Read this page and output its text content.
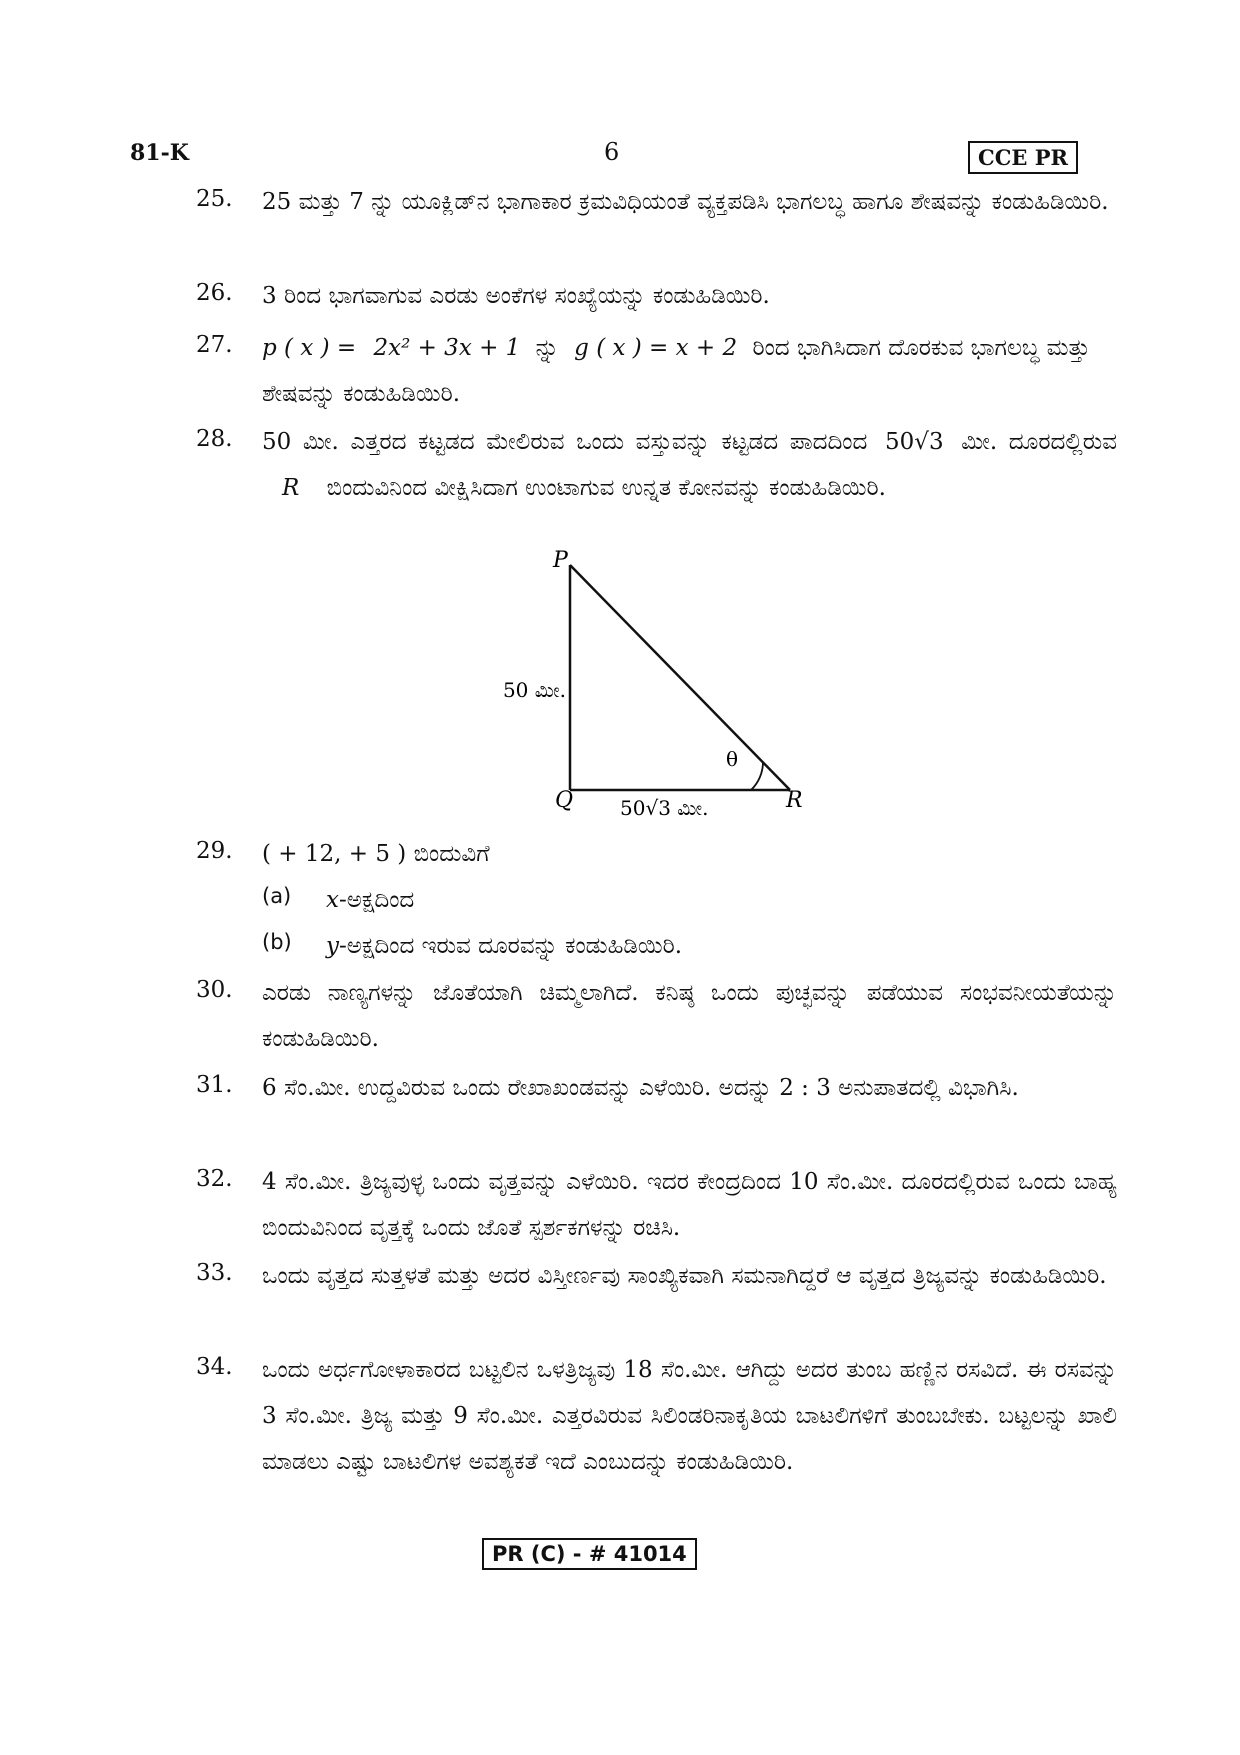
81-K	6	CCE PR
25. 25 ಮತ್ತು 7 ನ್ನು ಯೂಕ್ಲಿಡ್‌ನ ಭಾಗಾಕಾರ ಕ್ರಮವಿಧಿಯಂತೆ ವ್ಯಕ್ತಪಡಿಸಿ ಭಾಗಲಬ್ಧ ಹಾಗೂ ಶೇಷವನ್ನು ಕಂಡುಹಿಡಿಯಿರಿ.
26. 3 ರಿಂದ ಭಾಗವಾಗುವ ಎರಡು ಅಂಕೆಗಳ ಸಂಖ್ಯೆಯನ್ನು ಕಂಡುಹಿಡಿಯಿರಿ.
27. p ( x ) = 2x² + 3x + 1 ನ್ನು g ( x ) = x + 2 ರಿಂದ ಭಾಗಿಸಿದಾಗ ದೊರಕುವ ಭಾಗಲಬ್ಧ ಮತ್ತು ಶೇಷವನ್ನು ಕಂಡುಹಿಡಿಯಿರಿ.
28. 50 ಮೀ. ಎತ್ತರದ ಕಟ್ಟಡದ ಮೇಲಿರುವ ಒಂದು ವಸ್ತುವನ್ನು ಕಟ್ಟಡದ ಪಾದದಿಂದ 50√3 ಮೀ. ದೂರದಲ್ಲಿರುವ R ಬಿಂದುವಿನಿಂದ ವೀಕ್ಷಿಸಿದಾಗ ಉಂಟಾಗುವ ಉನ್ನತ ಕೋನವನ್ನು ಕಂಡುಹಿಡಿಯಿರಿ.
P
Q	R
50 ಮೀ.
50√3 ಮೀ.
θ
29. ( + 12, + 5 ) ಬಿಂದುವಿಗೆ
(a) x-ಅಕ್ಷದಿಂದ
(b) y-ಅಕ್ಷದಿಂದ ಇರುವ ದೂರವನ್ನು ಕಂಡುಹಿಡಿಯಿರಿ.
30. ಎರಡು ನಾಣ್ಯಗಳನ್ನು ಜೊತೆಯಾಗಿ ಚಿಮ್ಮಲಾಗಿದೆ. ಕನಿಷ್ಠ ಒಂದು ಪುಚ್ಛವನ್ನು ಪಡೆಯುವ ಸಂಭವನೀಯತೆಯನ್ನು ಕಂಡುಹಿಡಿಯಿರಿ.
31. 6 ಸೆಂ.ಮೀ. ಉದ್ದವಿರುವ ಒಂದು ರೇಖಾಖಂಡವನ್ನು ಎಳೆಯಿರಿ. ಅದನ್ನು 2 : 3 ಅನುಪಾತದಲ್ಲಿ ವಿಭಾಗಿಸಿ.
32. 4 ಸೆಂ.ಮೀ. ತ್ರಿಜ್ಯವುಳ್ಳ ಒಂದು ವೃತ್ತವನ್ನು ಎಳೆಯಿರಿ. ಇದರ ಕೇಂದ್ರದಿಂದ 10 ಸೆಂ.ಮೀ. ದೂರದಲ್ಲಿರುವ ಒಂದು ಬಾಹ್ಯ ಬಿಂದುವಿನಿಂದ ವೃತ್ತಕ್ಕೆ ಒಂದು ಜೊತೆ ಸ್ಪರ್ಶಕಗಳನ್ನು ರಚಿಸಿ.
33. ಒಂದು ವೃತ್ತದ ಸುತ್ತಳತೆ ಮತ್ತು ಅದರ ವಿಸ್ತೀರ್ಣವು ಸಾಂಖ್ಯಿಕವಾಗಿ ಸಮನಾಗಿದ್ದರೆ ಆ ವೃತ್ತದ ತ್ರಿಜ್ಯವನ್ನು ಕಂಡುಹಿಡಿಯಿರಿ.
34. ಒಂದು ಅರ್ಧಗೋಳಾಕಾರದ ಬಟ್ಟಲಿನ ಒಳತ್ರಿಜ್ಯವು 18 ಸೆಂ.ಮೀ. ಆಗಿದ್ದು ಅದರ ತುಂಬ ಹಣ್ಣಿನ ರಸವಿದೆ. ಈ ರಸವನ್ನು 3 ಸೆಂ.ಮೀ. ತ್ರಿಜ್ಯ ಮತ್ತು 9 ಸೆಂ.ಮೀ. ಎತ್ತರವಿರುವ ಸಿಲಿಂಡರಿನಾಕೃತಿಯ ಬಾಟಲಿಗಳಿಗೆ ತುಂಬಬೇಕು. ಬಟ್ಟಲನ್ನು ಖಾಲಿ ಮಾಡಲು ಎಷ್ಟು ಬಾಟಲಿಗಳ ಅವಶ್ಯಕತೆ ಇದೆ ಎಂಬುದನ್ನು ಕಂಡುಹಿಡಿಯಿರಿ.
PR (C) - # 41014
